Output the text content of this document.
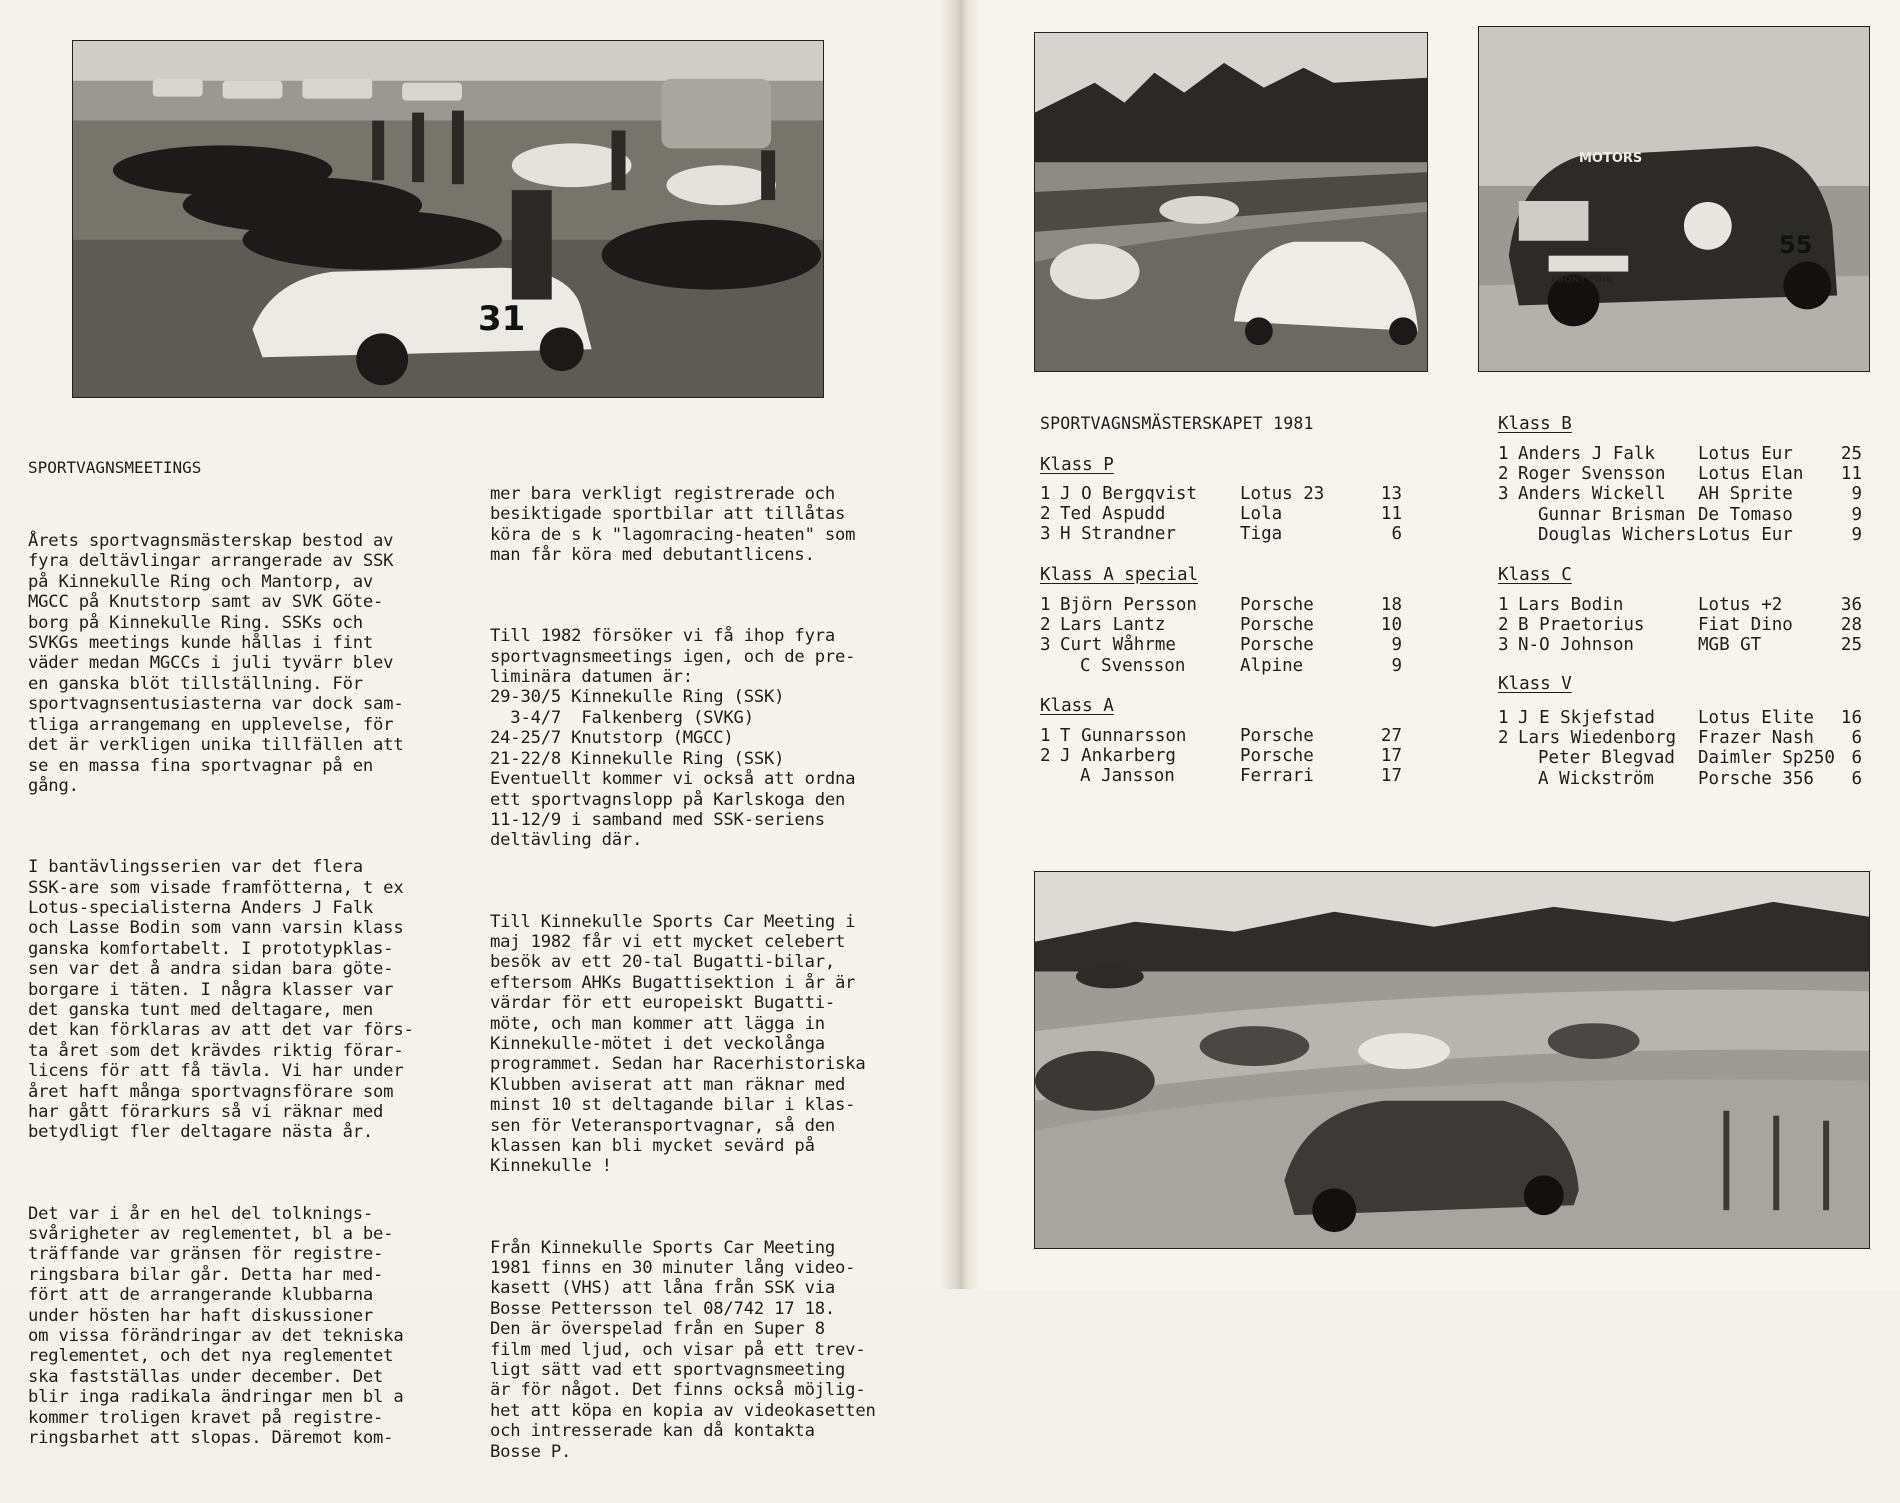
31

SPORTVAGNSMEETINGS

Årets sportvagnsmästerskap bestod av
fyra deltävlingar arrangerade av SSK
på Kinnekulle Ring och Mantorp, av
MGCC på Knutstorp samt av SVK Göte-
borg på Kinnekulle Ring. SSKs och
SVKGs meetings kunde hållas i fint
väder medan MGCCs i juli tyvärr blev
en ganska blöt tillställning. För
sportvagnsentusiasterna var dock sam-
tliga arrangemang en upplevelse, för
det är verkligen unika tillfällen att
se en massa fina sportvagnar på en
gång.

I bantävlingsserien var det flera
SSK-are som visade framfötterna, t ex
Lotus-specialisterna Anders J Falk
och Lasse Bodin som vann varsin klass
ganska komfortabelt. I prototypklas-
sen var det å andra sidan bara göte-
borgare i täten. I några klasser var
det ganska tunt med deltagare, men
det kan förklaras av att det var förs-
ta året som det krävdes riktig förar-
licens för att få tävla. Vi har under
året haft många sportvagnsförare som
har gått förarkurs så vi räknar med
betydligt fler deltagare nästa år.

Det var i år en hel del tolknings-
svårigheter av reglementet, bl a be-
träffande var gränsen för registre-
ringsbara bilar går. Detta har med-
fört att de arrangerande klubbarna
under hösten har haft diskussioner
om vissa förändringar av det tekniska
reglementet, och det nya reglementet
ska fastställas under december. Det
blir inga radikala ändringar men bl a
kommer troligen kravet på registre-
ringsbarhet att slopas. Däremot kom-

mer bara verkligt registrerade och
besiktigade sportbilar att tillåtas
köra de s k "lagomracing-heaten" som
man får köra med debutantlicens.

Till 1982 försöker vi få ihop fyra
sportvagnsmeetings igen, och de pre-
liminära datumen är:
29-30/5 Kinnekulle Ring (SSK)
3-4/7  Falkenberg (SVKG)
24-25/7 Knutstorp (MGCC)
21-22/8 Kinnekulle Ring (SSK)
Eventuellt kommer vi också att ordna
ett sportvagnslopp på Karlskoga den
11-12/9 i samband med SSK-seriens
deltävling där.

Till Kinnekulle Sports Car Meeting i
maj 1982 får vi ett mycket celebert
besök av ett 20-tal Bugatti-bilar,
eftersom AHKs Bugattisektion i år är
värdar för ett europeiskt Bugatti-
möte, och man kommer att lägga in
Kinnekulle-mötet i det veckolånga
programmet. Sedan har Racerhistoriska
Klubben aviserat att man räknar med
minst 10 st deltagande bilar i klas-
sen för Veteransportvagnar, så den
klassen kan bli mycket sevärd på
Kinnekulle !

Från Kinnekulle Sports Car Meeting
1981 finns en 30 minuter lång video-
kasett (VHS) att låna från SSK via
Bosse Pettersson tel 08/742 17 18.
Den är överspelad från en Super 8
film med ljud, och visar på ett trev-
ligt sätt vad ett sportvagnsmeeting
är för något. Det finns också möjlig-
het att köpa en kopia av videokasetten
och intresserade kan då kontakta
Bosse P.

MOTORS
55
EBONY FINK
SPORTVAGNSMÄSTERSKAPET 1981
Klass P
1	J O Bergqvist	Lotus 23	13
2	Ted Aspudd	Lola	11
3	H Strandner	Tiga	6
Klass A special
1	Björn Persson	Porsche	18
2	Lars Lantz	Porsche	10
3	Curt Wåhrme	Porsche	9
	C Svensson	Alpine	9
Klass A
1	T Gunnarsson	Porsche	27
2	J Ankarberg	Porsche	17
	A Jansson	Ferrari	17
Klass B
1	Anders J Falk	Lotus Eur	25
2	Roger Svensson	Lotus Elan	11
3	Anders Wickell	AH Sprite	9
	Gunnar Brisman	De Tomaso	9
	Douglas Wichers	Lotus Eur	9
Klass C
1	Lars Bodin	Lotus +2	36
2	B Praetorius	Fiat Dino	28
3	N-O Johnson	MGB GT	25
Klass V
1	J E Skjefstad	Lotus Elite	16
2	Lars Wiedenborg	Frazer Nash	6
	Peter Blegvad	Daimler Sp250	6
	A Wickström	Porsche 356	6
